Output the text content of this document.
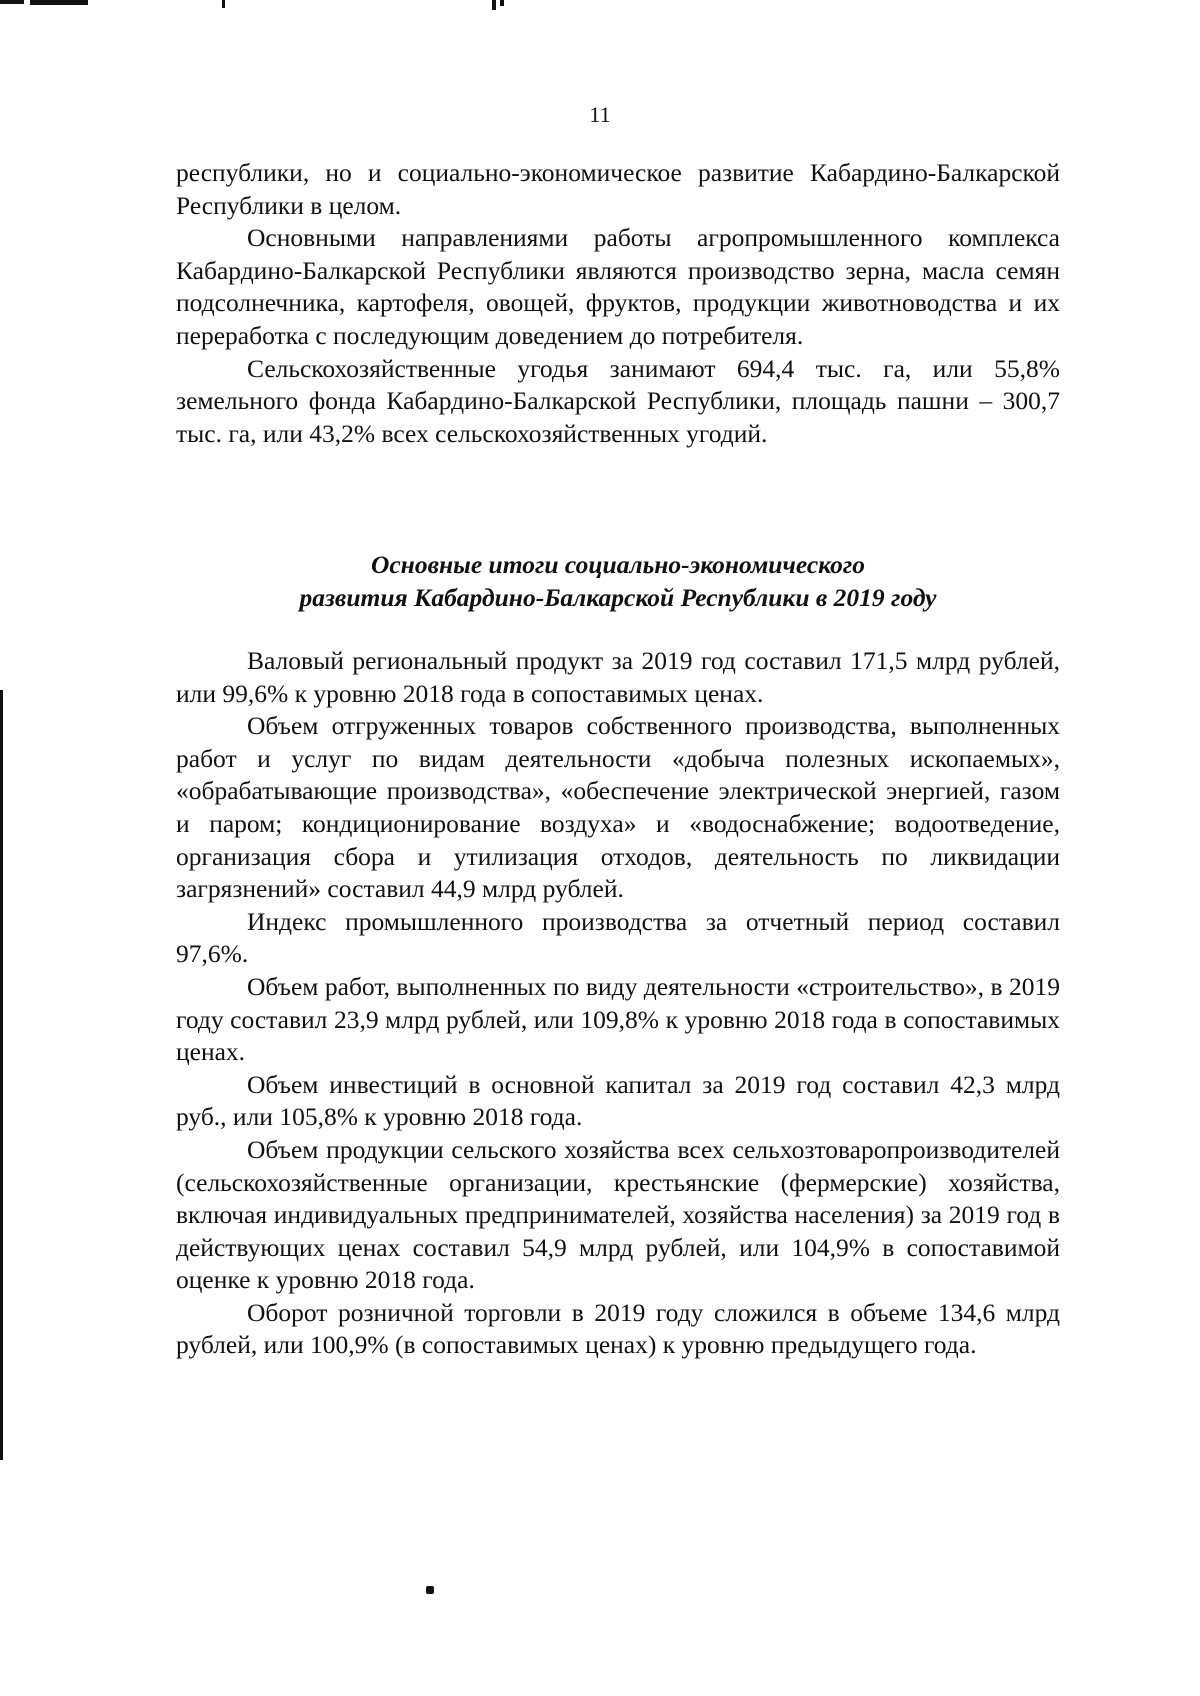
11

республики, но и социально-экономическое развитие Кабардино-Балкарской Республики в целом.

Основными направлениями работы агропромышленного комплекса Кабардино-Балкарской Республики являются производство зерна, масла семян подсолнечника, картофеля, овощей, фруктов, продукции животноводства и их переработка с последующим доведением до потребителя.

Сельскохозяйственные угодья занимают 694,4 тыс. га, или 55,8% земельного фонда Кабардино-Балкарской Республики, площадь пашни – 300,7 тыс. га, или 43,2% всех сельскохозяйственных угодий.

Основные итоги социально-экономического
развития Кабардино-Балкарской Республики в 2019 году

Валовый региональный продукт за 2019 год составил 171,5 млрд рублей, или 99,6% к уровню 2018 года в сопоставимых ценах.

Объем отгруженных товаров собственного производства, выполненных работ и услуг по видам деятельности «добыча полезных ископаемых», «обрабатывающие производства», «обеспечение электрической энергией, газом и паром; кондиционирование воздуха» и «водоснабжение; водоотведение, организация сбора и утилизация отходов, деятельность по ликвидации загрязнений» составил 44,9 млрд рублей.

Индекс промышленного производства за отчетный период составил 97,6%.

Объем работ, выполненных по виду деятельности «строительство», в 2019 году составил 23,9 млрд рублей, или 109,8% к уровню 2018 года в сопоставимых ценах.

Объем инвестиций в основной капитал за 2019 год составил 42,3 млрд руб., или 105,8% к уровню 2018 года.

Объем продукции сельского хозяйства всех сельхозтоваропроизводителей (сельскохозяйственные организации, крестьянские (фермерские) хозяйства, включая индивидуальных предпринимателей, хозяйства населения) за 2019 год в действующих ценах составил 54,9 млрд рублей, или 104,9% в сопоставимой оценке к уровню 2018 года.

Оборот розничной торговли в 2019 году сложился в объеме 134,6 млрд рублей, или 100,9% (в сопоставимых ценах) к уровню предыдущего года.
